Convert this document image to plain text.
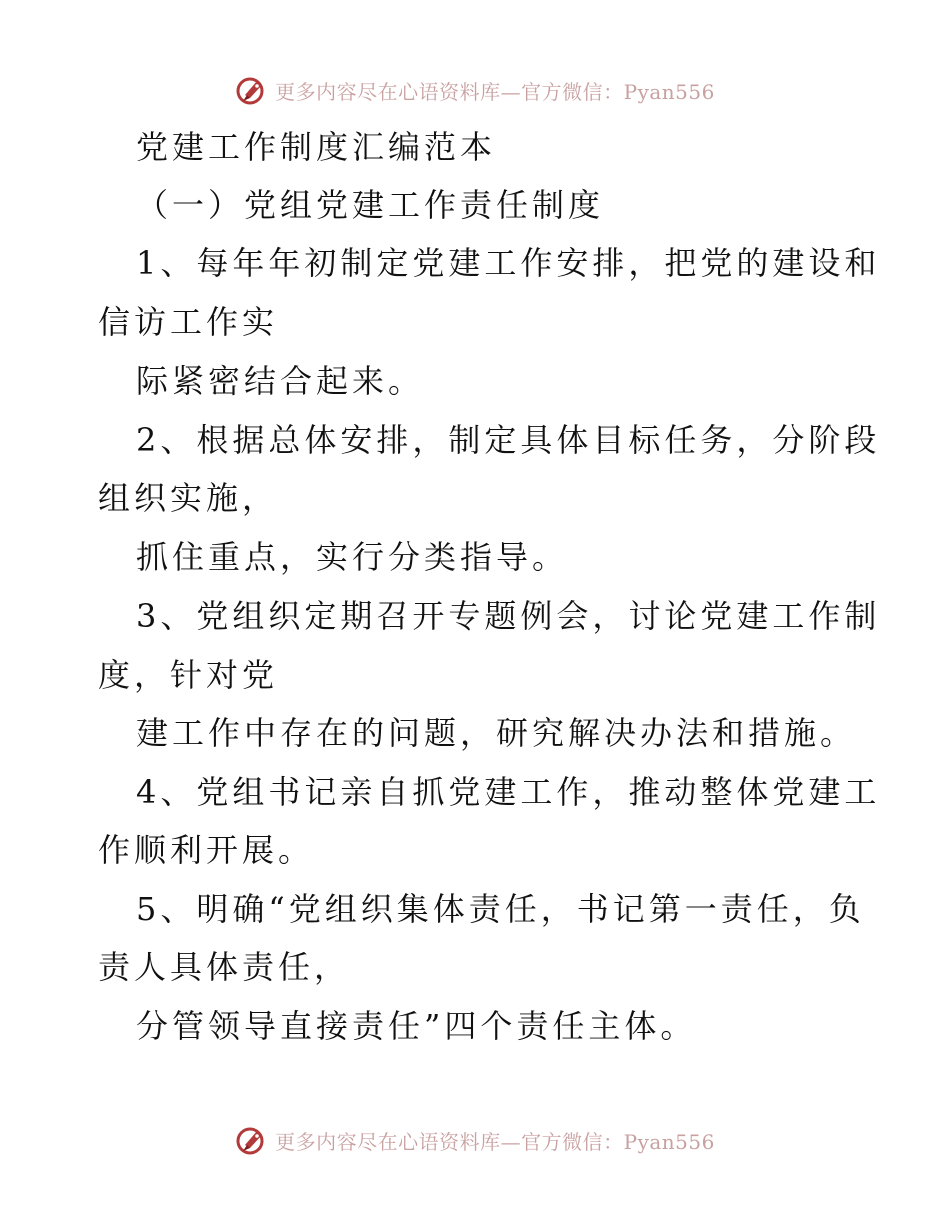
更多内容尽在心语资料库—官方微信：Pyan556
党建工作制度汇编范本
（一）党组党建工作责任制度
1、每年年初制定党建工作安排，把党的建设和
信访工作实
际紧密结合起来。
2、根据总体安排，制定具体目标任务，分阶段
组织实施，
抓住重点，实行分类指导。
3、党组织定期召开专题例会，讨论党建工作制
度，针对党
建工作中存在的问题，研究解决办法和措施。
4、党组书记亲自抓党建工作，推动整体党建工
作顺利开展。
5、明确“党组织集体责任，书记第一责任，负
责人具体责任，
分管领导直接责任”四个责任主体。
更多内容尽在心语资料库—官方微信：Pyan556
